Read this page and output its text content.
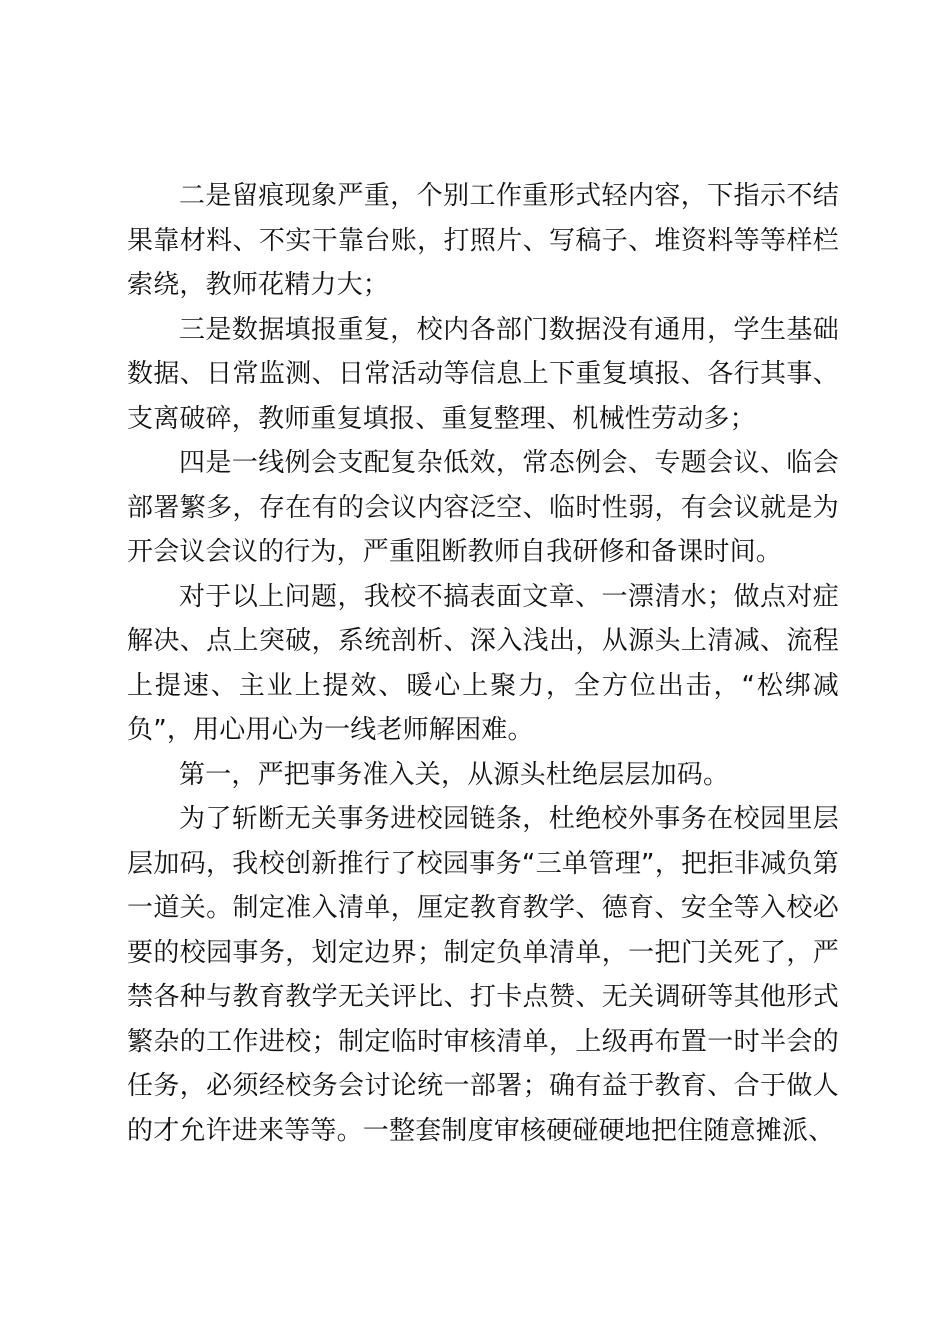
二是留痕现象严重，个别工作重形式轻内容，下指示不结果靠材料、不实干靠台账，打照片、写稿子、堆资料等等样栏索绕，教师花精力大；

三是数据填报重复，校内各部门数据没有通用，学生基础数据、日常监测、日常活动等信息上下重复填报、各行其事、支离破碎，教师重复填报、重复整理、机械性劳动多；

四是一线例会支配复杂低效，常态例会、专题会议、临会部署繁多，存在有的会议内容泛空、临时性弱，有会议就是为开会议会议的行为，严重阻断教师自我研修和备课时间。

对于以上问题，我校不搞表面文章、一漂清水；做点对症解决、点上突破，系统剖析、深入浅出，从源头上清减、流程上提速、主业上提效、暖心上聚力，全方位出击，“松绑减负”，用心用心为一线老师解困难。

第一，严把事务准入关，从源头杜绝层层加码。

为了斩断无关事务进校园链条，杜绝校外事务在校园里层层加码，我校创新推行了校园事务“三单管理”，把拒非减负第一道关。制定准入清单，厘定教育教学、德育、安全等入校必要的校园事务，划定边界；制定负单清单，一把门关死了，严禁各种与教育教学无关评比、打卡点赞、无关调研等其他形式繁杂的工作进校；制定临时审核清单，上级再布置一时半会的任务，必须经校务会讨论统一部署；确有益于教育、合于做人的才允许进来等等。一整套制度审核硬碰硬地把住随意摊派、
